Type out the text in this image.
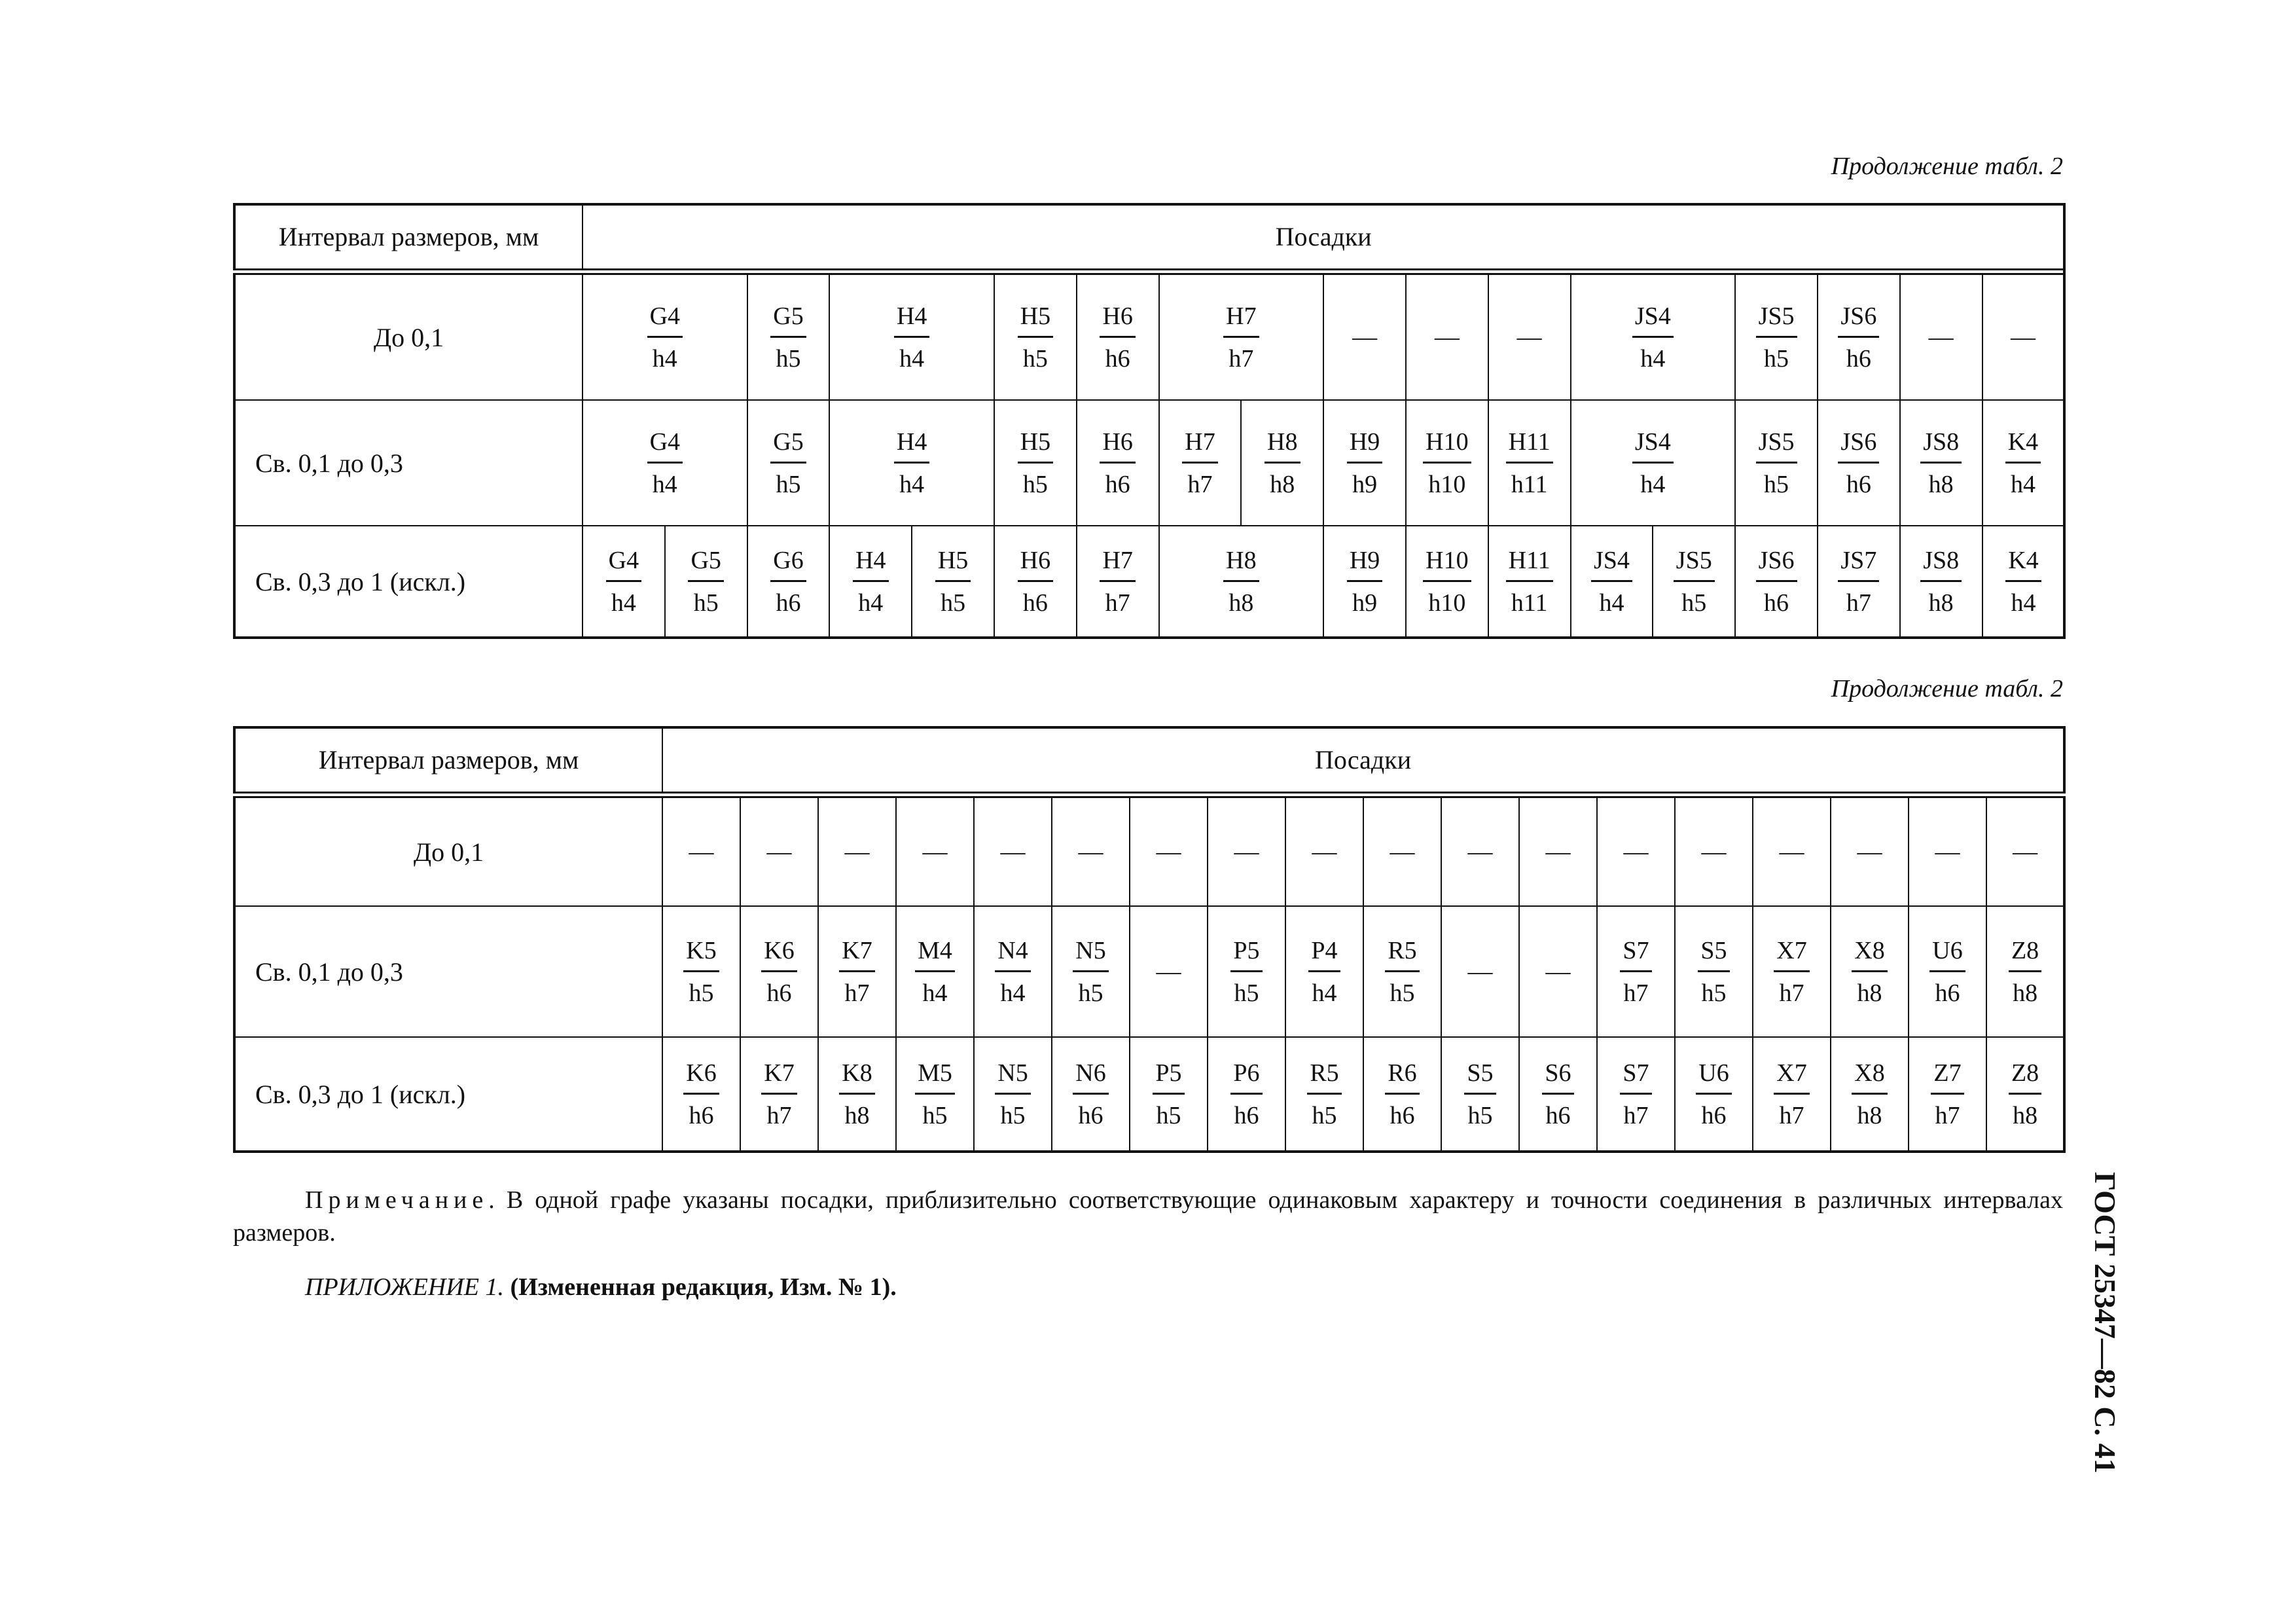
Продолжение табл. 2
Интервал размеров, мм	Посадки																		
До 0,1	$\frac{G4}{h4}$		$\frac{G5}{h5}$	$\frac{H4}{h4}$		$\frac{H5}{h5}$	$\frac{H6}{h6}$	$\frac{H7}{h7}$		—	—	—	$\frac{JS4}{h4}$		$\frac{JS5}{h5}$	$\frac{JS6}{h6}$	—	—	
Св. 0,1 до 0,3	$\frac{G4}{h4}$		$\frac{G5}{h5}$	$\frac{H4}{h4}$		$\frac{H5}{h5}$	$\frac{H6}{h6}$	$\frac{H7}{h7}$	$\frac{H8}{h8}$	$\frac{H9}{h9}$	$\frac{H10}{h10}$	$\frac{H11}{h11}$	$\frac{JS4}{h4}$		$\frac{JS5}{h5}$	$\frac{JS6}{h6}$	$\frac{JS8}{h8}$	$\frac{K4}{h4}$

Св. 0,3 до 1 (искл.)	$\frac{G4}{h4}$	$\frac{G5}{h5}$	$\frac{G6}{h6}$	$\frac{H4}{h4}$	$\frac{H5}{h5}$	$\frac{H6}{h6}$	$\frac{H7}{h7}$	$\frac{H8}{h8}$		$\frac{H9}{h9}$	$\frac{H10}{h10}$	$\frac{H11}{h11}$	$\frac{JS4}{h4}$	$\frac{JS5}{h5}$	$\frac{JS6}{h6}$	$\frac{JS7}{h7}$	$\frac{JS8}{h8}$	$\frac{K4}{h4}$

Продолжение табл. 2
Интервал размеров, мм	Посадки																	
До 0,1	—	—	—	—	—	—	—	—	—	—	—	—	—	—	—	—	—	—
Св. 0,1 до 0,3	$\frac{K5}{h5}$	$\frac{K6}{h6}$	$\frac{K7}{h7}$	$\frac{M4}{h4}$	$\frac{N4}{h4}$	$\frac{N5}{h5}$	—	$\frac{P5}{h5}$	$\frac{P4}{h4}$	$\frac{R5}{h5}$	—	—	$\frac{S7}{h7}$	$\frac{S5}{h5}$	$\frac{X7}{h7}$	$\frac{X8}{h8}$	$\frac{U6}{h6}$	$\frac{Z8}{h8}$

Св. 0,3 до 1 (искл.)	$\frac{K6}{h6}$	$\frac{K7}{h7}$	$\frac{K8}{h8}$	$\frac{M5}{h5}$	$\frac{N5}{h5}$	$\frac{N6}{h6}$	$\frac{P5}{h5}$	$\frac{P6}{h6}$	$\frac{R5}{h5}$	$\frac{R6}{h6}$	$\frac{S5}{h5}$	$\frac{S6}{h6}$	$\frac{S7}{h7}$	$\frac{U6}{h6}$	$\frac{X7}{h7}$	$\frac{X8}{h8}$	$\frac{Z7}{h7}$	$\frac{Z8}{h8}$
Примечание. В одной графе указаны посадки, приблизительно соответствующие одинаковым характеру и точности соединения в различных интервалах размеров.
ПРИЛОЖЕНИЕ 1. (Измененная редакция, Изм. № 1).	ГОСТ 25347—82 С. 41
